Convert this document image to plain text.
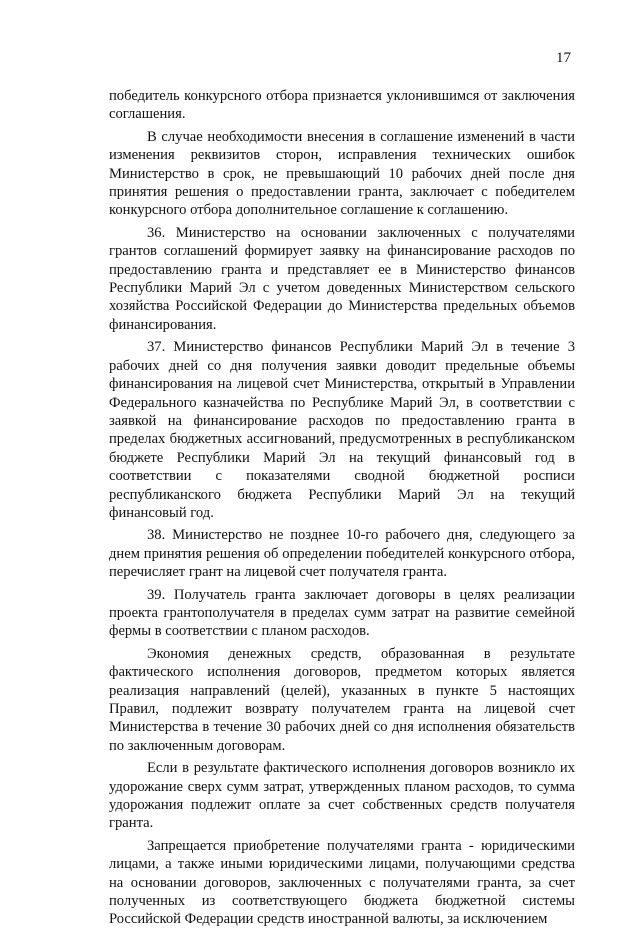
17

победитель конкурсного отбора признается уклонившимся от заключения соглашения.

В случае необходимости внесения в соглашение изменений в части изменения реквизитов сторон, исправления технических ошибок Министерство в срок, не превышающий 10 рабочих дней после дня принятия решения о предоставлении гранта, заключает с победителем конкурсного отбора дополнительное соглашение к соглашению.

36. Министерство на основании заключенных с получателями грантов соглашений формирует заявку на финансирование расходов по предоставлению гранта и представляет ее в Министерство финансов Республики Марий Эл с учетом доведенных Министерством сельского хозяйства Российской Федерации до Министерства предельных объемов финансирования.

37. Министерство финансов Республики Марий Эл в течение 3 рабочих дней со дня получения заявки доводит предельные объемы финансирования на лицевой счет Министерства, открытый в Управлении Федерального казначейства по Республике Марий Эл, в соответствии с заявкой на финансирование расходов по предоставлению гранта в пределах бюджетных ассигнований, предусмотренных в республиканском бюджете Республики Марий Эл на текущий финансовый год в соответствии с показателями сводной бюджетной росписи республиканского бюджета Республики Марий Эл на текущий финансовый год.

38. Министерство не позднее 10-го рабочего дня, следующего за днем принятия решения об определении победителей конкурсного отбора, перечисляет грант на лицевой счет получателя гранта.

39. Получатель гранта заключает договоры в целях реализации проекта грантополучателя в пределах сумм затрат на развитие семейной фермы в соответствии с планом расходов.

Экономия денежных средств, образованная в результате фактического исполнения договоров, предметом которых является реализация направлений (целей), указанных в пункте 5 настоящих Правил, подлежит возврату получателем гранта на лицевой счет Министерства в течение 30 рабочих дней со дня исполнения обязательств по заключенным договорам.

Если в результате фактического исполнения договоров возникло их удорожание сверх сумм затрат, утвержденных планом расходов, то сумма удорожания подлежит оплате за счет собственных средств получателя гранта.

Запрещается приобретение получателями гранта - юридическими лицами, а также иными юридическими лицами, получающими средства на основании договоров, заключенных с получателями гранта, за счет полученных из соответствующего бюджета бюджетной системы Российской Федерации средств иностранной валюты, за исключением
